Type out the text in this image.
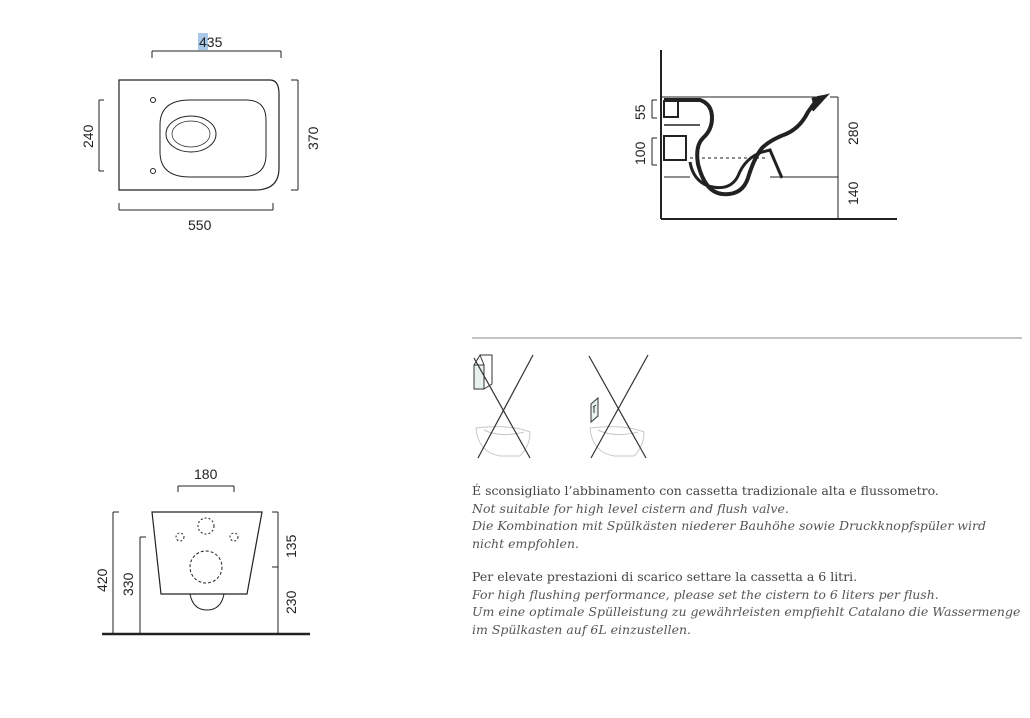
435
550
240	370
55
100
280
140
180
420 330
135
230
É sconsigliato l’abbinamento con cassetta tradizionale alta e flussometro.
Not suitable for high level cistern and flush valve.
Die Kombination mit Spülkästen niederer Bauhöhe sowie Druckknopfspüler wird nicht empfohlen.
Per elevate prestazioni di scarico settare la cassetta a 6 litri.
For high flushing performance, please set the cistern to 6 liters per flush.
Um eine optimale Spülleistung zu gewährleisten empfiehlt Catalano die Wassermenge im Spülkasten auf 6L einzustellen.
